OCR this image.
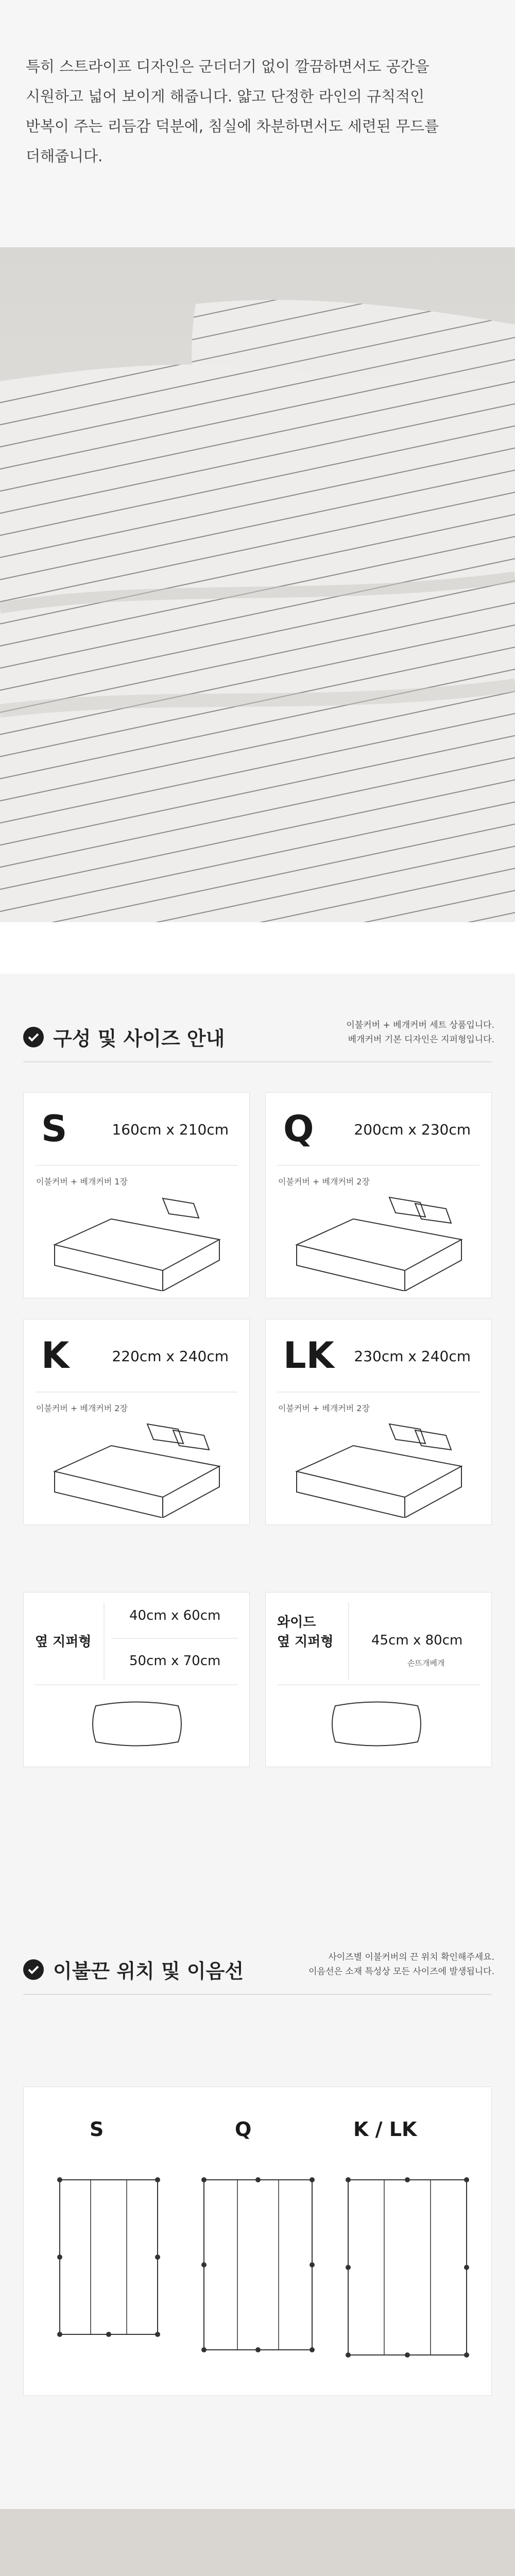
특히 스트라이프 디자인은 군더더기 없이 깔끔하면서도 공간을
시원하고 넓어 보이게 해줍니다. 얇고 단정한 라인의 규칙적인
반복이 주는 리듬감 덕분에, 침실에 차분하면서도 세련된 무드를
더해줍니다.

구성 및 사이즈 안내

이불커버 + 베개커버 세트 상품입니다.
베개커버 기본 디자인은 지퍼형입니다.

S	160cm x 210cm
이불커버 + 베개커버 1장
Q	200cm x 230cm
이불커버 + 베개커버 2장
K	220cm x 240cm
이불커버 + 베개커버 2장
LK 230cm x 240cm
이불커버 + 베개커버 2장
옆 지퍼형
40cm x 60cm
50cm x 70cm
와이드
옆 지퍼형	45cm x 80cm
손뜨개베개
이불끈 위치 및 이음선

사이즈별 이불커버의 끈 위치 확인해주세요.
이음선은 소재 특성상 모든 사이즈에 발생됩니다.

S	Q	K / LK
